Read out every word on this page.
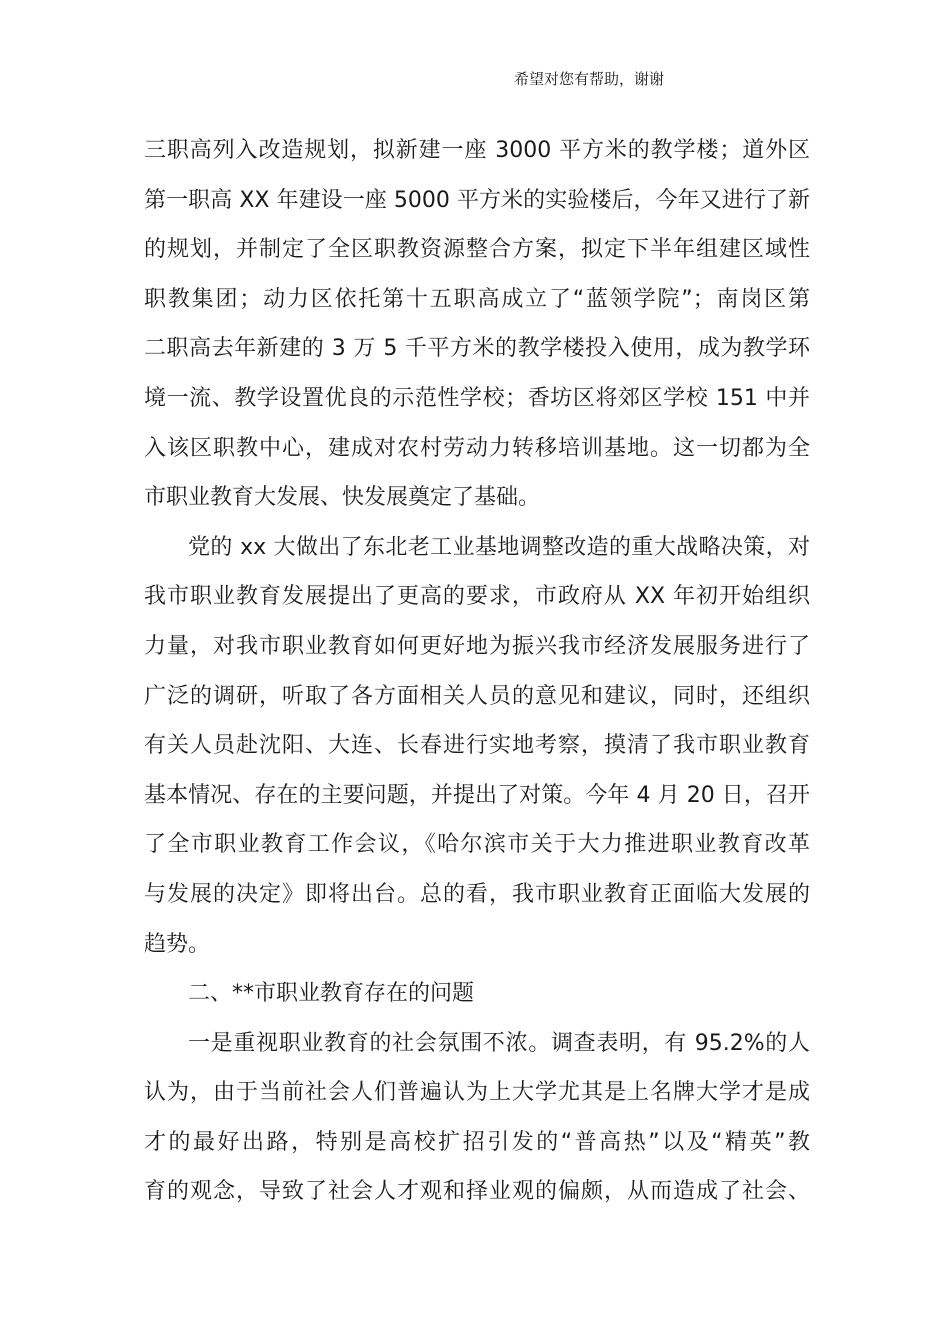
希望对您有帮助，谢谢
三职高列入改造规划，拟新建一座 3000 平方米的教学楼；道外区
第一职高 XX 年建设一座 5000 平方米的实验楼后，今年又进行了新
的规划，并制定了全区职教资源整合方案，拟定下半年组建区域性
职教集团；动力区依托第十五职高成立了“蓝领学院”；南岗区第
二职高去年新建的 3 万 5 千平方米的教学楼投入使用，成为教学环
境一流、教学设置优良的示范性学校；香坊区将郊区学校 151 中并
入该区职教中心，建成对农村劳动力转移培训基地。这一切都为全
市职业教育大发展、快发展奠定了基础。
党的 xx 大做出了东北老工业基地调整改造的重大战略决策，对
我市职业教育发展提出了更高的要求，市政府从 XX 年初开始组织
力量，对我市职业教育如何更好地为振兴我市经济发展服务进行了
广泛的调研，听取了各方面相关人员的意见和建议，同时，还组织
有关人员赴沈阳、大连、长春进行实地考察，摸清了我市职业教育
基本情况、存在的主要问题，并提出了对策。今年 4 月 20 日，召开
了全市职业教育工作会议，《哈尔滨市关于大力推进职业教育改革
与发展的决定》即将出台。总的看，我市职业教育正面临大发展的
趋势。
二、**市职业教育存在的问题
一是重视职业教育的社会氛围不浓。调查表明，有 95.2%的人
认为，由于当前社会人们普遍认为上大学尤其是上名牌大学才是成
才的最好出路，特别是高校扩招引发的“普高热”以及“精英”教
育的观念，导致了社会人才观和择业观的偏颇，从而造成了社会、
